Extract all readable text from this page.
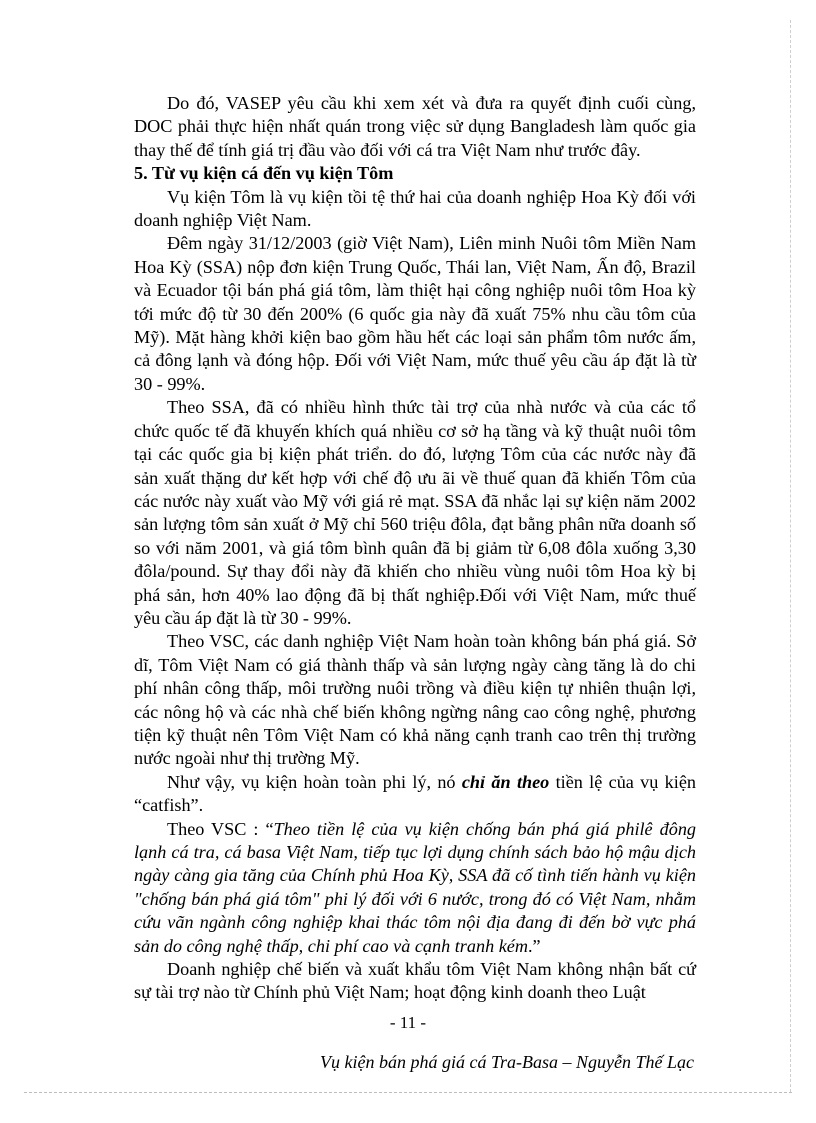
Do đó, VASEP yêu cầu khi xem xét và đưa ra quyết định cuối cùng, DOC phải thực hiện nhất quán trong việc sử dụng Bangladesh làm quốc gia thay thế để tính giá trị đầu vào đối với cá tra Việt Nam như trước đây.

5. Từ vụ kiện cá đến vụ kiện Tôm

Vụ kiện Tôm là vụ kiện tồi tệ thứ hai của doanh nghiệp Hoa Kỳ đối với doanh nghiệp Việt Nam.

Đêm ngày 31/12/2003 (giờ Việt Nam), Liên minh Nuôi tôm Miền Nam Hoa Kỳ (SSA) nộp đơn kiện Trung Quốc, Thái lan, Việt Nam, Ấn độ, Brazil và Ecuador tội bán phá giá tôm, làm thiệt hại công nghiệp nuôi tôm Hoa kỳ tới mức độ từ 30 đến 200% (6 quốc gia này đã xuất 75% nhu cầu tôm của Mỹ). Mặt hàng khởi kiện bao gồm hầu hết các loại sản phẩm tôm nước ấm, cả đông lạnh và đóng hộp. Đối với Việt Nam, mức thuế yêu cầu áp đặt là từ 30 - 99%.

Theo SSA, đã có nhiều hình thức tài trợ của nhà nước và của các tổ chức quốc tế đã khuyến khích quá nhiều cơ sở hạ tầng và kỹ thuật nuôi tôm tại các quốc gia bị kiện phát triển. do đó, lượng Tôm của các nước này đã sản xuất thặng dư kết hợp với chế độ ưu ãi về thuế quan đã khiến Tôm của các nước này xuất vào Mỹ với giá rẻ mạt. SSA đã nhắc lại sự kiện năm 2002 sản lượng tôm sản xuất ở Mỹ chỉ 560 triệu đôla, đạt bằng phân nữa doanh số so với năm 2001, và giá tôm bình quân đã bị giảm từ 6,08 đôla xuống 3,30 đôla/pound. Sự thay đổi này đã khiến cho nhiều vùng nuôi tôm Hoa kỳ bị phá sản, hơn 40% lao động đã bị thất nghiệp.Đối với Việt Nam, mức thuế yêu cầu áp đặt là từ 30 - 99%.

Theo VSC, các danh nghiệp Việt Nam hoàn toàn không bán phá giá. Sở dĩ, Tôm Việt Nam có giá thành thấp và sản lượng ngày càng tăng là do chi phí nhân công thấp, môi trường nuôi trồng và điều kiện tự nhiên thuận lợi, các nông hộ và các nhà chế biến không ngừng nâng cao công nghệ, phương tiện kỹ thuật nên Tôm Việt Nam có khả năng cạnh tranh cao trên thị trường nước ngoài như thị trường Mỹ.

Như vậy, vụ kiện hoàn toàn phi lý, nó chỉ ăn theo tiền lệ của vụ kiện “catfish”.

Theo VSC : “Theo tiền lệ của vụ kiện chống bán phá giá philê đông lạnh cá tra, cá basa Việt Nam, tiếp tục lợi dụng chính sách bảo hộ mậu dịch ngày càng gia tăng của Chính phủ Hoa Kỳ, SSA đã cố tình tiến hành vụ kiện "chống bán phá giá tôm" phi lý đối với 6 nước, trong đó có Việt Nam, nhằm cứu vãn ngành công nghiệp khai thác tôm nội địa đang đi đến bờ vực phá sản do công nghệ thấp, chi phí cao và cạnh tranh kém.”

Doanh nghiệp chế biến và xuất khẩu tôm Việt Nam không nhận bất cứ sự tài trợ nào từ Chính phủ Việt Nam; hoạt động kinh doanh theo Luật

- 11 -
Vụ kiện bán phá giá cá Tra-Basa – Nguyễn Thế Lạc
